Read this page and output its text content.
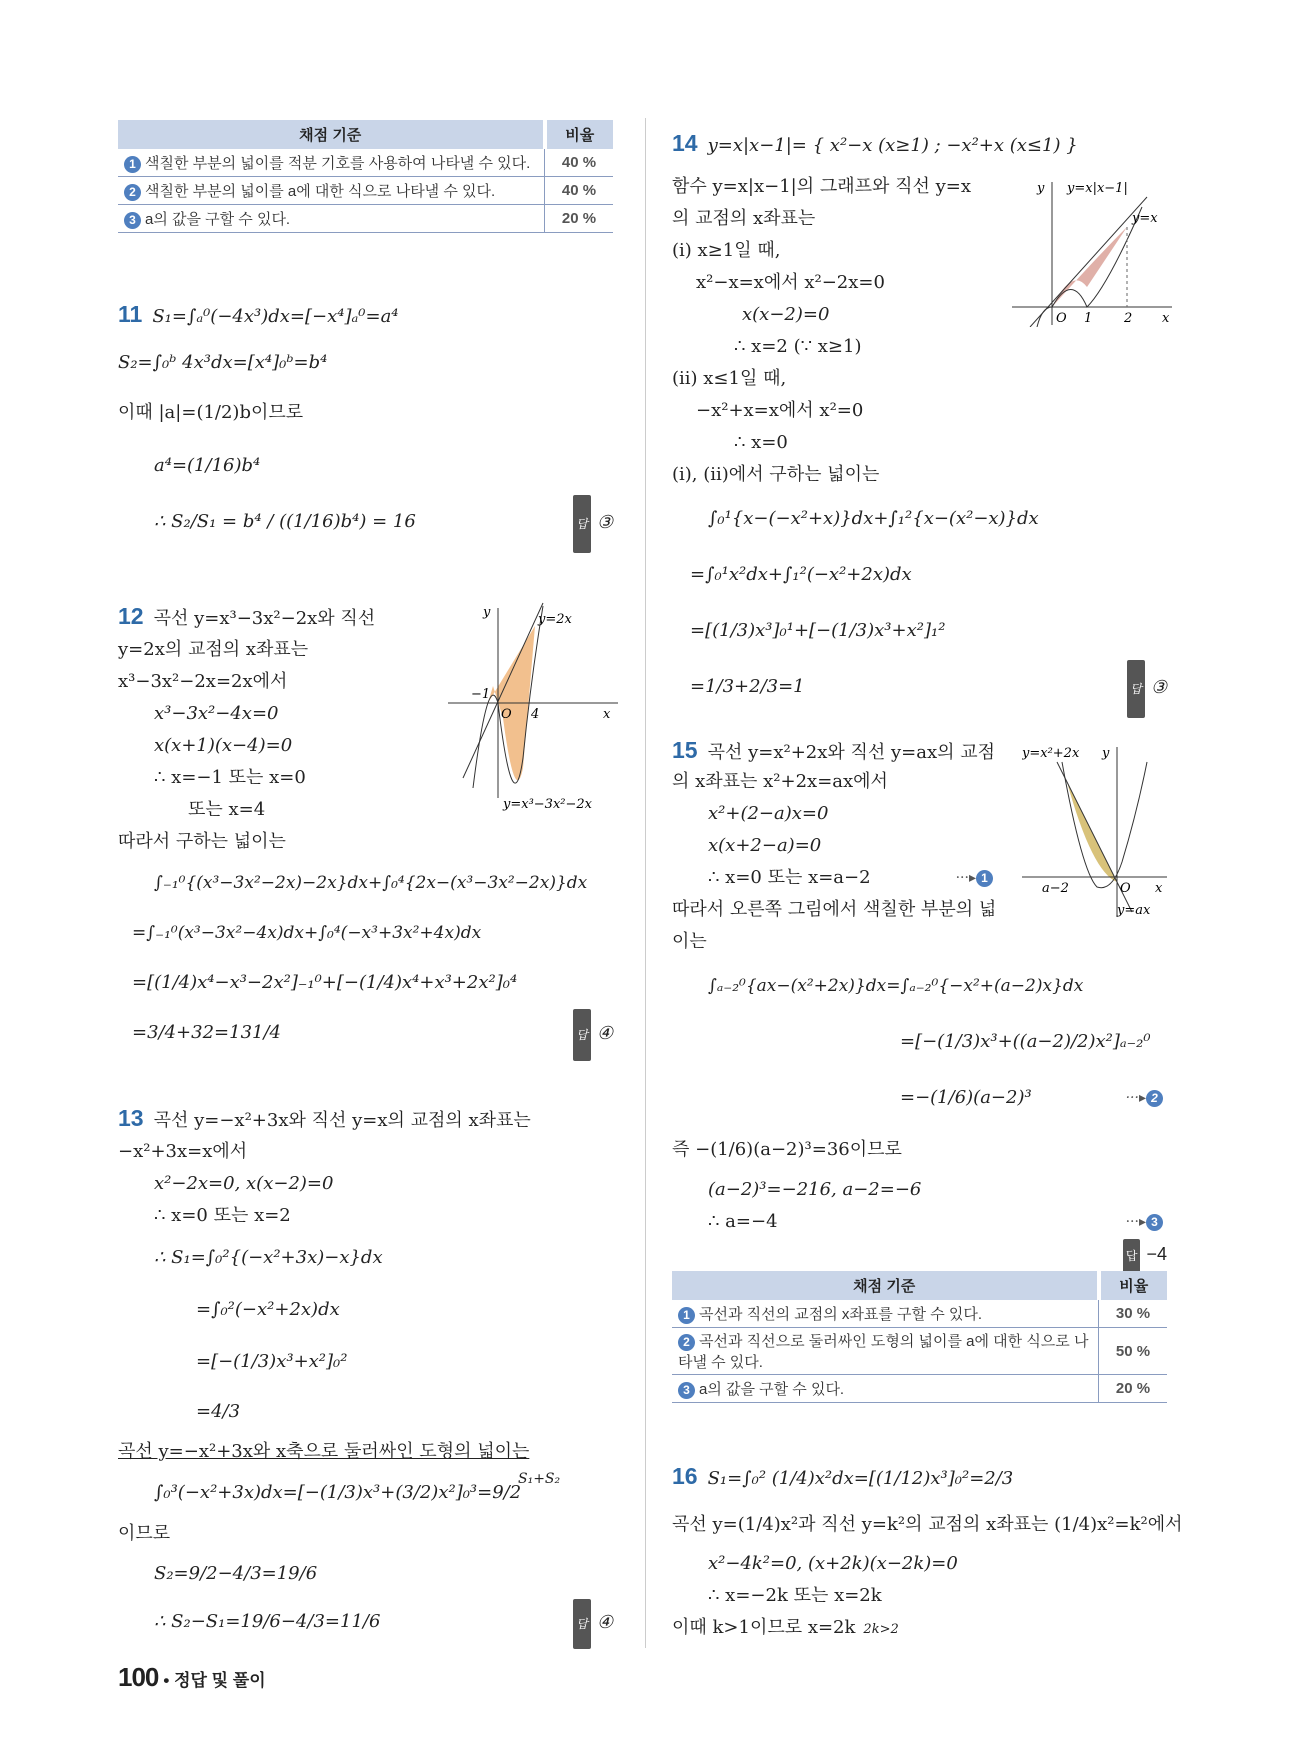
채점 기준	비율
1 색칠한 부분의 넓이를 적분 기호를 사용하여 나타낼 수 있다.	40 %
2 색칠한 부분의 넓이를 a에 대한 식으로 나타낼 수 있다.	40 %
3 a의 값을 구할 수 있다.	20 %
11 S₁=∫ₐ⁰(−4x³)dx=[−x⁴]ₐ⁰=a⁴
S₂=∫₀ᵇ 4x³dx=[x⁴]₀ᵇ=b⁴
이때 |a|=(1/2)b이므로
a⁴=(1/16)b⁴
∴ S₂/S₁ = b⁴ / ((1/16)b⁴) = 16	답 ③
y	y=2x
−1
O 4	x
y=x³−3x²−2x
12 곡선 y=x³−3x²−2x와 직선
y=2x의 교점의 x좌표는
x³−3x²−2x=2x에서
x³−3x²−4x=0
x(x+1)(x−4)=0
∴ x=−1 또는 x=0
또는 x=4
따라서 구하는 넓이는
∫₋₁⁰{(x³−3x²−2x)−2x}dx+∫₀⁴{2x−(x³−3x²−2x)}dx
=∫₋₁⁰(x³−3x²−4x)dx+∫₀⁴(−x³+3x²+4x)dx
=[(1/4)x⁴−x³−2x²]₋₁⁰+[−(1/4)x⁴+x³+2x²]₀⁴
=3/4+32=131/4	답 ④
13 곡선 y=−x²+3x와 직선 y=x의 교점의 x좌표는
−x²+3x=x에서
x²−2x=0, x(x−2)=0
∴ x=0 또는 x=2
∴ S₁=∫₀²{(−x²+3x)−x}dx
=∫₀²(−x²+2x)dx
=[−(1/3)x³+x²]₀²
=4/3
곡선 y=−x²+3x와 x축으로 둘러싸인 도형의 넓이는
∫₀³(−x²+3x)dx=[−(1/3)x³+(3/2)x²]₀³=9/2
S₁+S₂
이므로
S₂=9/2−4/3=19/6
∴ S₂−S₁=19/6−4/3=11/6	답 ④
100 • 정답 및 풀이
y y=x|x−1|
y=x
O 1 2 x
14 y=x|x−1|= { x²−x (x≥1) ; −x²+x (x≤1) }
함수 y=x|x−1|의 그래프와 직선 y=x
의 교점의 x좌표는
(ⅰ) x≥1일 때,
x²−x=x에서 x²−2x=0
x(x−2)=0
∴ x=2 (∵ x≥1)
(ⅱ) x≤1일 때,
−x²+x=x에서 x²=0
∴ x=0
(ⅰ), (ⅱ)에서 구하는 넓이는
∫₀¹{x−(−x²+x)}dx+∫₁²{x−(x²−x)}dx
=∫₀¹x²dx+∫₁²(−x²+2x)dx
=[(1/3)x³]₀¹+[−(1/3)x³+x²]₁²
=1/3+2/3=1	답 ③
y=x²+2x y
a−2	O x
y=ax
15 곡선 y=x²+2x와 직선 y=ax의 교점
의 x좌표는 x²+2x=ax에서
x²+(2−a)x=0
x(x+2−a)=0
∴ x=0 또는 x=a−2	···▸ 1
따라서 오른쪽 그림에서 색칠한 부분의 넓
이는
∫ₐ₋₂⁰{ax−(x²+2x)}dx=∫ₐ₋₂⁰{−x²+(a−2)x}dx
=[−(1/3)x³+((a−2)/2)x²]ₐ₋₂⁰
=−(1/6)(a−2)³	···▸ 2
즉 −(1/6)(a−2)³=36이므로
(a−2)³=−216, a−2=−6
∴ a=−4	···▸ 3
답 −4
채점 기준	비율
1 곡선과 직선의 교점의 x좌표를 구할 수 있다.	30 %
2 곡선과 직선으로 둘러싸인 도형의 넓이를 a에 대한 식으로 나타낼 수 있다.	50 %
3 a의 값을 구할 수 있다.	20 %
16 S₁=∫₀² (1/4)x²dx=[(1/12)x³]₀²=2/3
곡선 y=(1/4)x²과 직선 y=k²의 교점의 x좌표는 (1/4)x²=k²에서
x²−4k²=0, (x+2k)(x−2k)=0
∴ x=−2k 또는 x=2k
이때 k>1이므로 x=2k 2k>2
